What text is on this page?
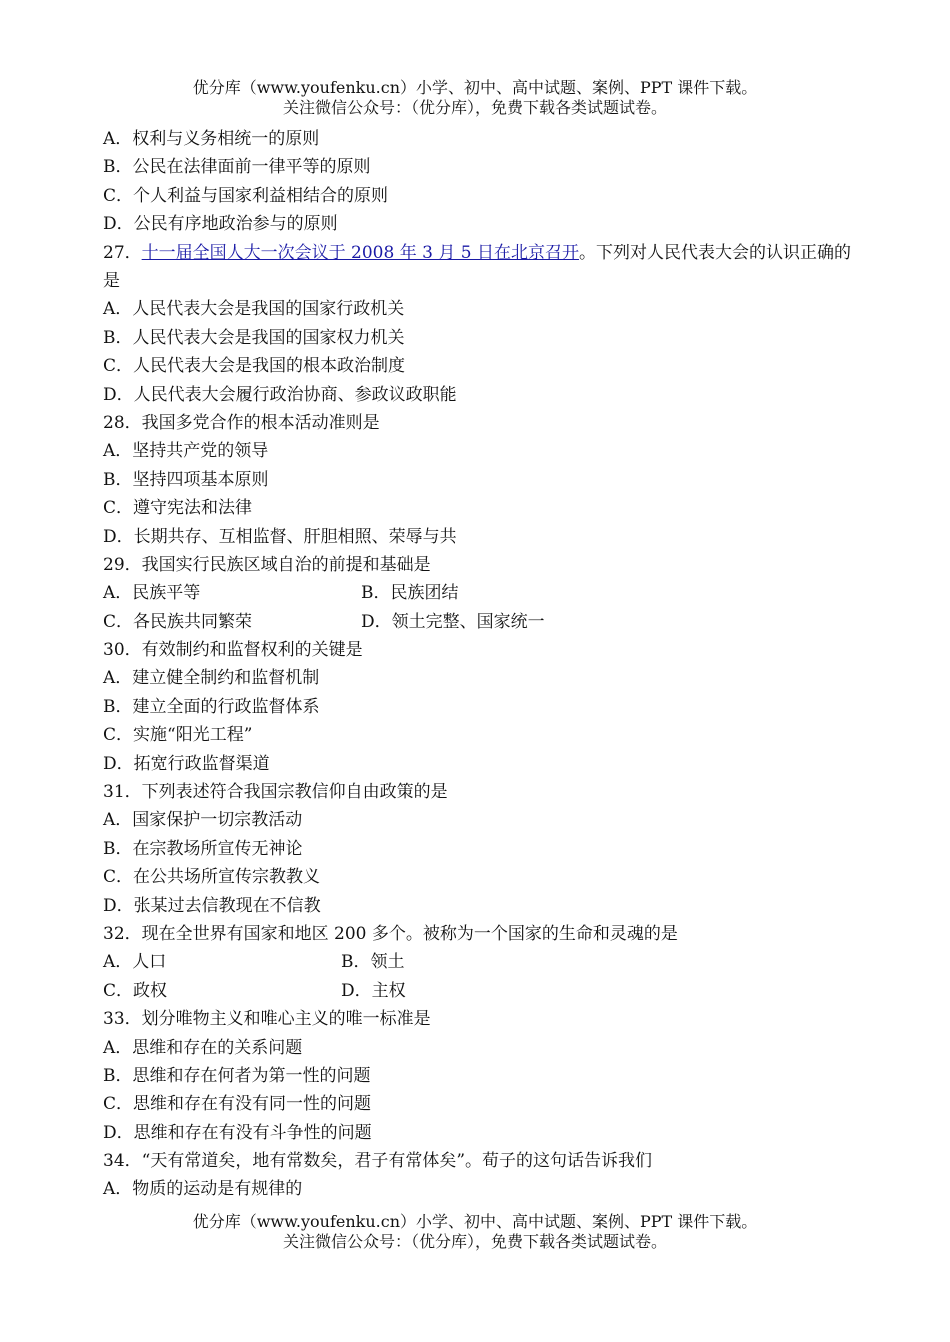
优分库（www.youfenku.cn）小学、初中、高中试题、案例、PPT 课件下载。
关注微信公众号：（优分库），免费下载各类试题试卷。
A．权利与义务相统一的原则
B．公民在法律面前一律平等的原则
C．个人利益与国家利益相结合的原则
D．公民有序地政治参与的原则
27．十一届全国人大一次会议于 2008 年 3 月 5 日在北京召开。下列对人民代表大会的认识正确的是
A．人民代表大会是我国的国家行政机关
B．人民代表大会是我国的国家权力机关
C．人民代表大会是我国的根本政治制度
D．人民代表大会履行政治协商、参政议政职能
28．我国多党合作的根本活动准则是
A．坚持共产党的领导
B．坚持四项基本原则
C．遵守宪法和法律
D．长期共存、互相监督、肝胆相照、荣辱与共
29．我国实行民族区域自治的前提和基础是
A．民族平等	B．民族团结
C．各民族共同繁荣	D．领土完整、国家统一
30．有效制约和监督权利的关键是
A．建立健全制约和监督机制
B．建立全面的行政监督体系
C．实施“阳光工程”
D．拓宽行政监督渠道
31．下列表述符合我国宗教信仰自由政策的是
A．国家保护一切宗教活动
B．在宗教场所宣传无神论
C．在公共场所宣传宗教教义
D．张某过去信教现在不信教
32．现在全世界有国家和地区 200 多个。被称为一个国家的生命和灵魂的是
A．人口	B．领土
C．政权	D．主权
33．划分唯物主义和唯心主义的唯一标准是
A．思维和存在的关系问题
B．思维和存在何者为第一性的问题
C．思维和存在有没有同一性的问题
D．思维和存在有没有斗争性的问题
34．“天有常道矣，地有常数矣，君子有常体矣”。荀子的这句话告诉我们
A．物质的运动是有规律的
优分库（www.youfenku.cn）小学、初中、高中试题、案例、PPT 课件下载。
关注微信公众号：（优分库），免费下载各类试题试卷。
